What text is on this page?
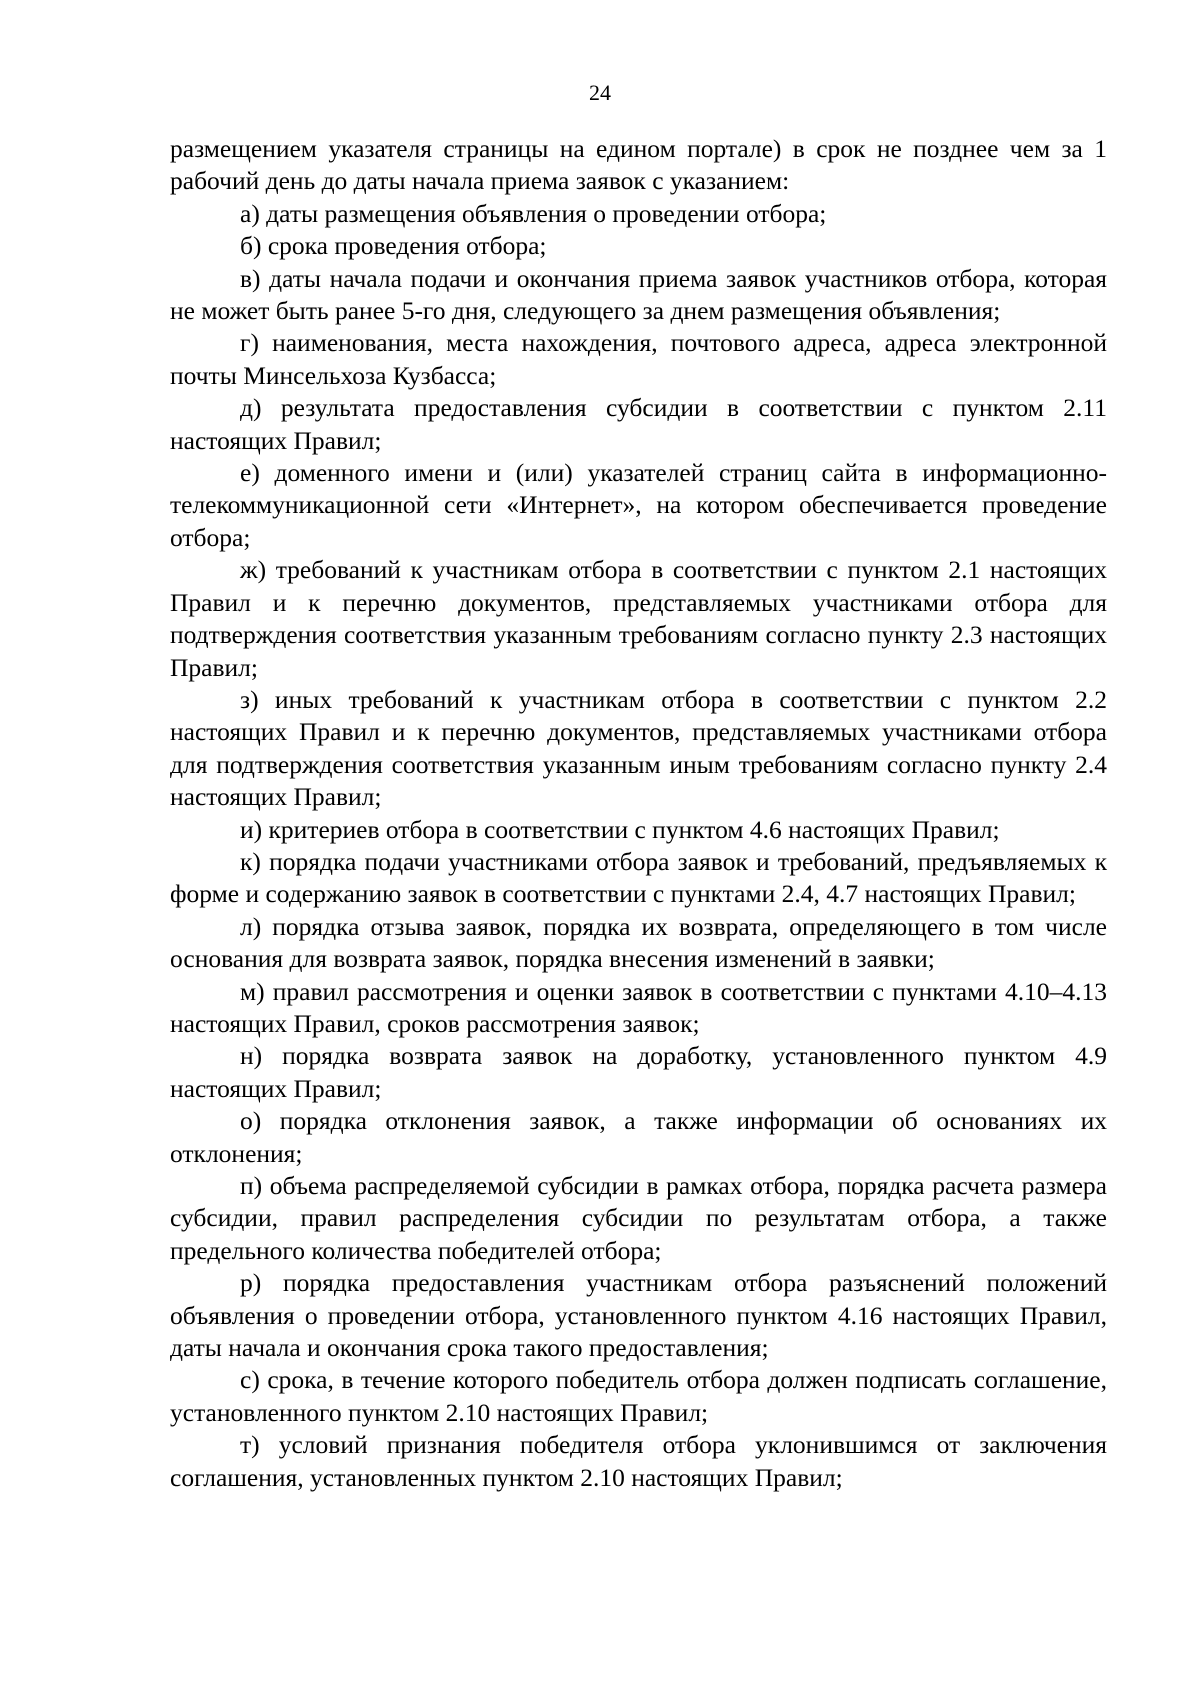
24

размещением указателя страницы на едином портале) в срок не позднее чем за 1 рабочий день до даты начала приема заявок с указанием:

а) даты размещения объявления о проведении отбора;

б) срока проведения отбора;

в) даты начала подачи и окончания приема заявок участников отбора, которая не может быть ранее 5-го дня, следующего за днем размещения объявления;

г) наименования, места нахождения, почтового адреса, адреса электронной почты Минсельхоза Кузбасса;

д) результата предоставления субсидии в соответствии с пунктом 2.11 настоящих Правил;

е) доменного имени и (или) указателей страниц сайта в информационно-телекоммуникационной сети «Интернет», на котором обеспечивается проведение отбора;

ж) требований к участникам отбора в соответствии с пунктом 2.1 настоящих Правил и к перечню документов, представляемых участниками отбора для подтверждения соответствия указанным требованиям согласно пункту 2.3 настоящих Правил;

з) иных требований к участникам отбора в соответствии с пунктом 2.2 настоящих Правил и к перечню документов, представляемых участниками отбора для подтверждения соответствия указанным иным требованиям согласно пункту 2.4 настоящих Правил;

и) критериев отбора в соответствии с пунктом 4.6 настоящих Правил;

к) порядка подачи участниками отбора заявок и требований, предъявляемых к форме и содержанию заявок в соответствии с пунктами 2.4, 4.7 настоящих Правил;

л) порядка отзыва заявок, порядка их возврата, определяющего в том числе основания для возврата заявок, порядка внесения изменений в заявки;

м) правил рассмотрения и оценки заявок в соответствии с пунктами 4.10–4.13 настоящих Правил, сроков рассмотрения заявок;

н) порядка возврата заявок на доработку, установленного пунктом 4.9 настоящих Правил;

о) порядка отклонения заявок, а также информации об основаниях их отклонения;

п) объема распределяемой субсидии в рамках отбора, порядка расчета размера субсидии, правил распределения субсидии по результатам отбора, а также предельного количества победителей отбора;

р) порядка предоставления участникам отбора разъяснений положений объявления о проведении отбора, установленного пунктом 4.16 настоящих Правил, даты начала и окончания срока такого предоставления;

с) срока, в течение которого победитель отбора должен подписать соглашение, установленного пунктом 2.10 настоящих Правил;

т) условий признания победителя отбора уклонившимся от заключения соглашения, установленных пунктом 2.10 настоящих Правил;
